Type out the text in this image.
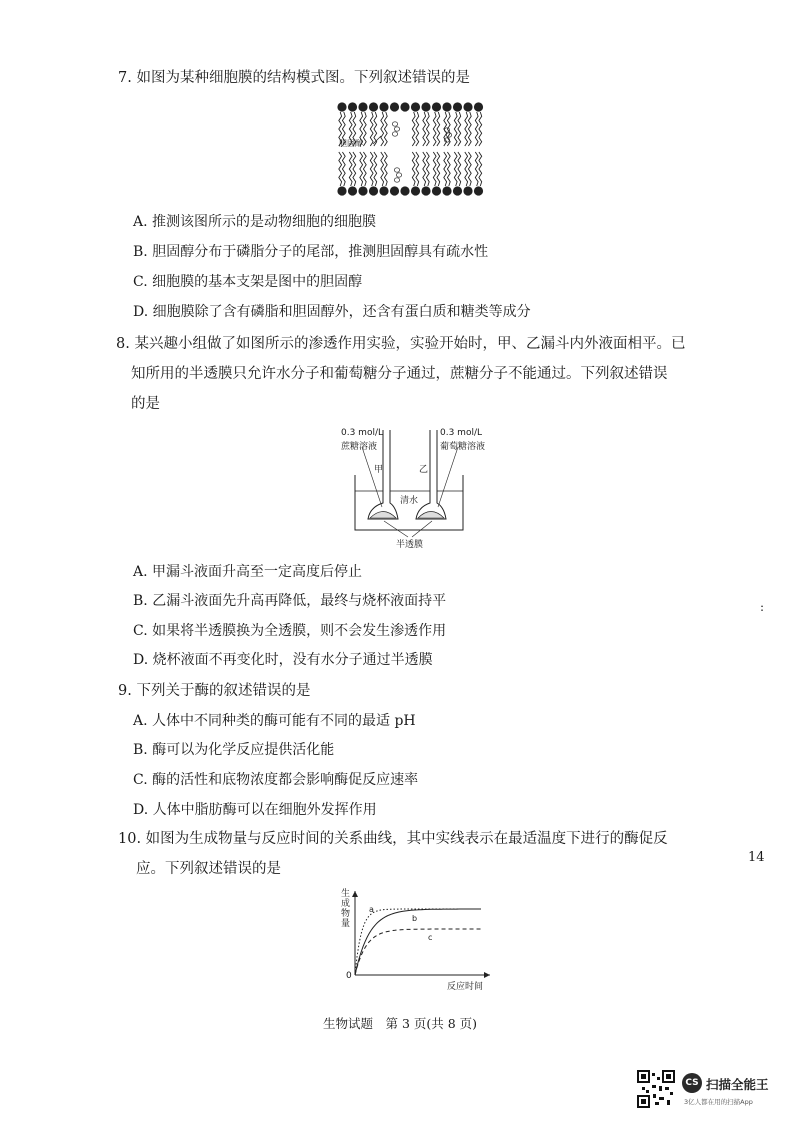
7. 如图为某种细胞膜的结构模式图。下列叙述错误的是
胆固醇
A. 推测该图所示的是动物细胞的细胞膜
B. 胆固醇分布于磷脂分子的尾部，推测胆固醇具有疏水性
C. 细胞膜的基本支架是图中的胆固醇
D. 细胞膜除了含有磷脂和胆固醇外，还含有蛋白质和糖类等成分
8. 某兴趣小组做了如图所示的渗透作用实验，实验开始时，甲、乙漏斗内外液面相平。已
知所用的半透膜只允许水分子和葡萄糖分子通过，蔗糖分子不能通过。下列叙述错误
的是
0.3 mol/L
蔗糖溶液
0.3 mol/L
葡萄糖溶液
甲	乙
清水
半透膜
A. 甲漏斗液面升高至一定高度后停止
B. 乙漏斗液面先升高再降低，最终与烧杯液面持平
C. 如果将半透膜换为全透膜，则不会发生渗透作用
D. 烧杯液面不再变化时，没有水分子通过半透膜
9. 下列关于酶的叙述错误的是
A. 人体中不同种类的酶可能有不同的最适 pH
B. 酶可以为化学反应提供活化能
C. 酶的活性和底物浓度都会影响酶促反应速率
D. 人体中脂肪酶可以在细胞外发挥作用
10. 如图为生成物量与反应时间的关系曲线，其中实线表示在最适温度下进行的酶促反
应。下列叙述错误的是
a
b
c
生成物量
反应时间
0
生物试题　第 3 页(共 8 页)
:
14
CS 扫描全能王
3亿人都在用的扫描App
